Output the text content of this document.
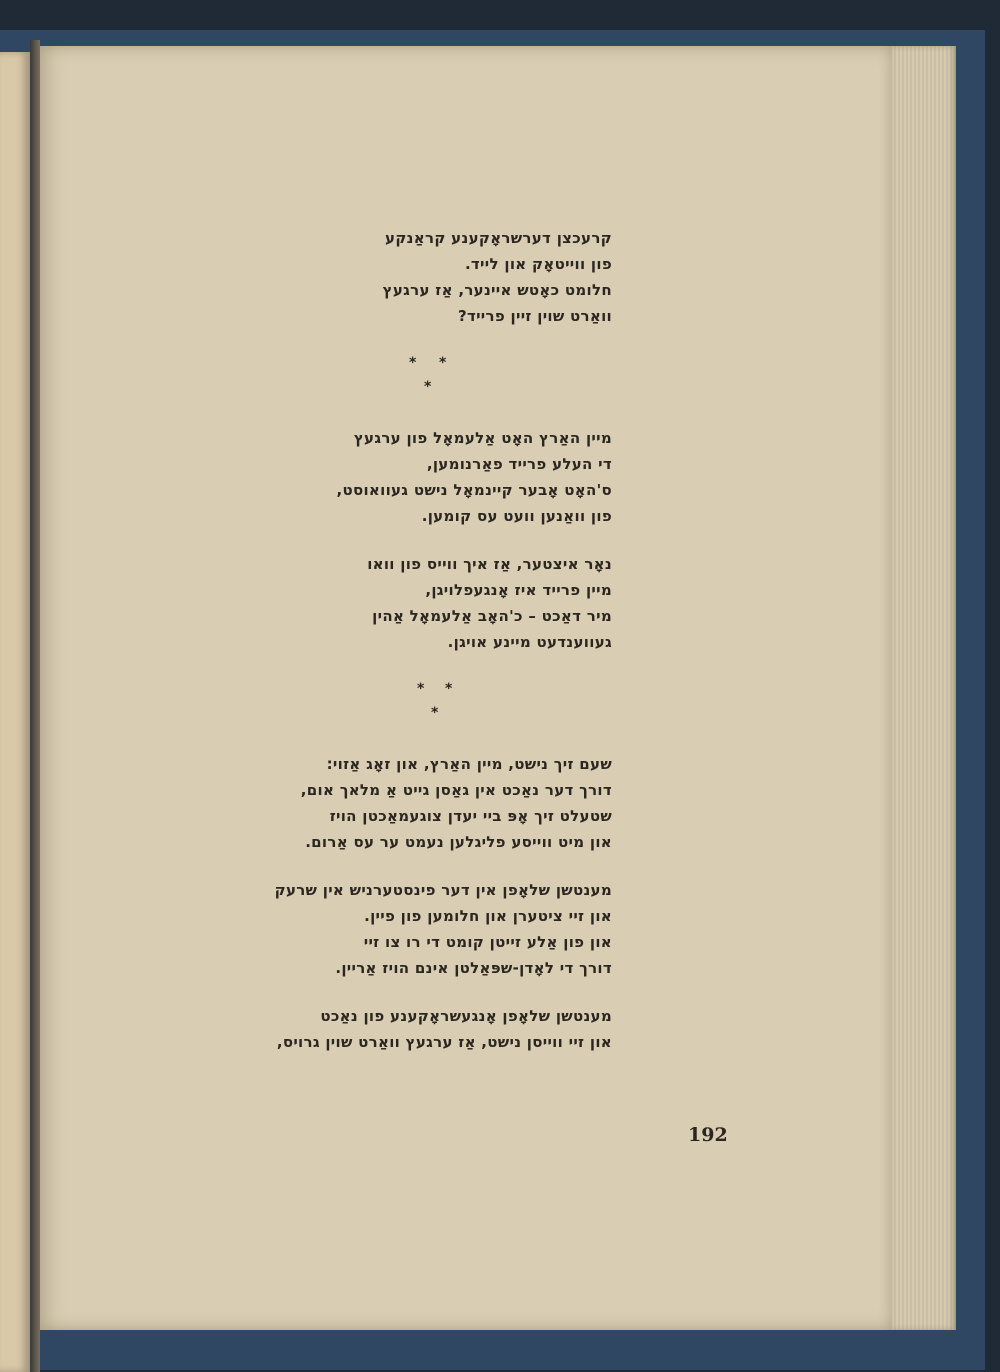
קרעכצן דערשראָקענע קראַנקע
פון ווייטאָק און לייד.
חלומט כאָטש איינער, אַז ערגעץ
וואַרט שוין זיין פרייד?
* *
*
מיין האַרץ האָט אַלעמאָל פון ערגעץ
די העלע פרייד פאַרנומען,
ס'האָט אָבער קיינמאָל נישט געוואוסט,
פון וואַנען וועט עס קומען.
נאָר איצטער, אַז איך ווייס פון וואו
מיין פרייד איז אָנגעפלויגן,
מיר דאַכט – כ'האָב אַלעמאָל אַהין
געווענדעט מיינע אויגן.
* *
*
שעם זיך נישט, מיין האַרץ, און זאָג אַזוי:
דורך דער נאַכט אין גאַסן גייט אַ מלאך אום,
שטעלט זיך אָפּ ביי יעדן צוגעמאַכטן הויז
און מיט ווייסע פליגלען נעמט ער עס אַרום.
מענטשן שלאָפן אין דער פינסטערניש אין שרעק
און זיי ציטערן און חלומען פון פיין.
און פון אַלע זייטן קומט די רו צו זיי
דורך די לאָדן-שפּאַלטן אינם הויז אַריין.
מענטשן שלאָפן אָנגעשראָקענע פון נאַכט
און זיי ווייסן נישט, אַז ערגעץ וואַרט שוין גרויס,
192
